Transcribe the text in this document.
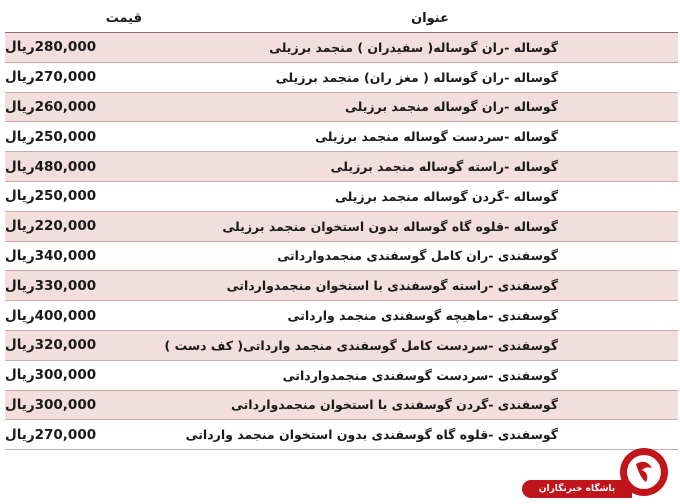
قیمت	عنوان
280,000ریال	گوساله -ران گوساله( سفیدران ) منجمد برزیلی
270,000ریال	گوساله -ران گوساله ( مغز ران) منجمد برزیلی
260,000ریال	گوساله -ران گوساله منجمد برزیلی
250,000ریال	گوساله -سردست گوساله منجمد برزیلی
480,000ریال	گوساله -راسته گوساله منجمد برزیلی
250,000ریال	گوساله -گردن گوساله منجمد برزیلی
220,000ریال	گوساله -قلوه گاه گوساله بدون استخوان منجمد برزیلی
340,000ریال	گوسفندی -ران کامل گوسفندی منجمدوارداتی
330,000ریال	گوسفندی -راسته گوسفندی با استخوان منجمدوارداتی
400,000ریال	گوسفندی -ماهیچه گوسفندی منجمد وارداتی
320,000ریال	گوسفندی -سردست کامل گوسفندی منجمد وارداتی( کف دست )
300,000ریال	گوسفندی -سردست گوسفندی منجمدوارداتی
300,000ریال	گوسفندی -گردن گوسفندی با استخوان منجمدوارداتی
270,000ریال	گوسفندی -قلوه گاه گوسفندی بدون استخوان منجمد وارداتی
باشگاه خبرنگاران
